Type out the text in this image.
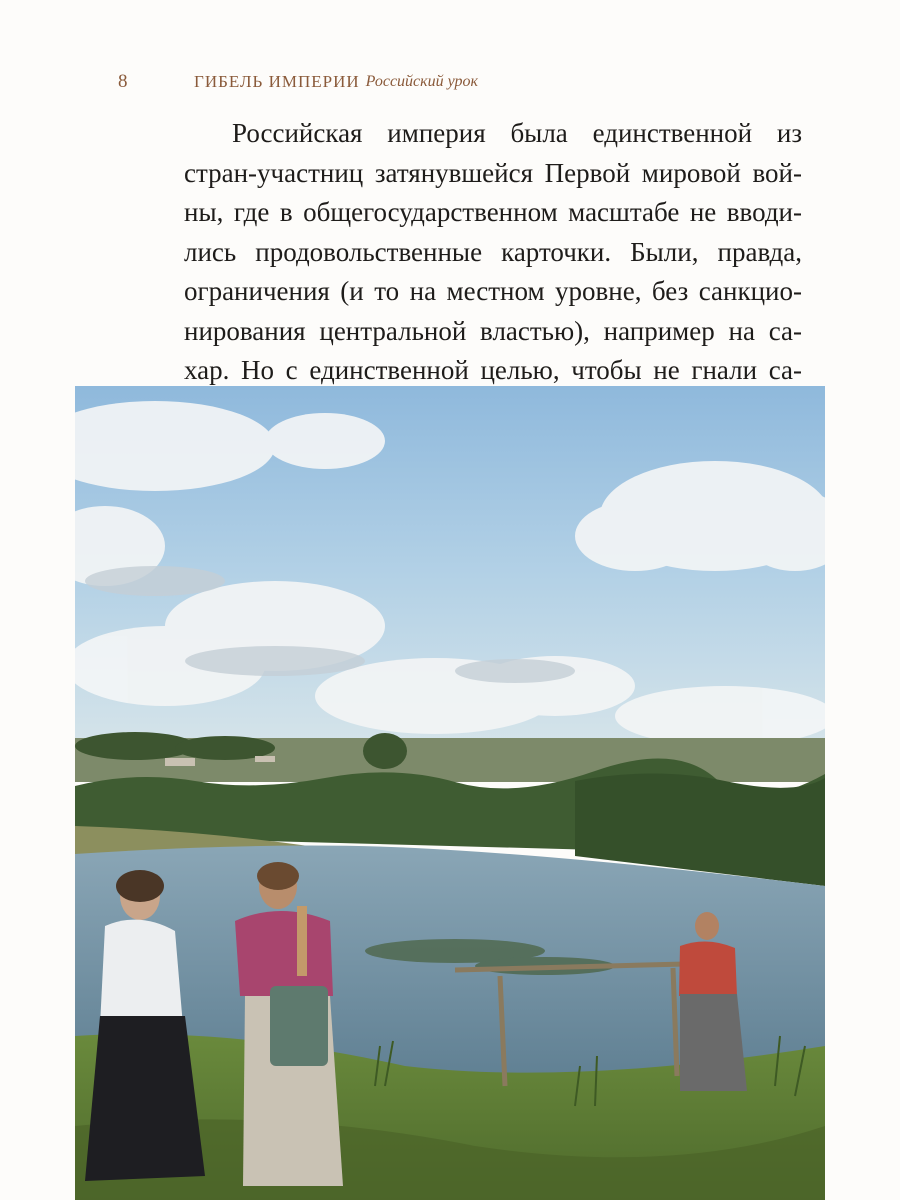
8	ГИБЕЛЬ ИМПЕРИИ Российский урок
Российская империя была единственной из
стран-участниц затянувшейся Первой мировой вой-
ны, где в общегосударственном масштабе не вводи-
лись продовольственные карточки. Были, правда,
ограничения (и то на местном уровне, без санкцио-
нирования центральной властью), например на са-
хар. Но с единственной целью, чтобы не гнали са-
